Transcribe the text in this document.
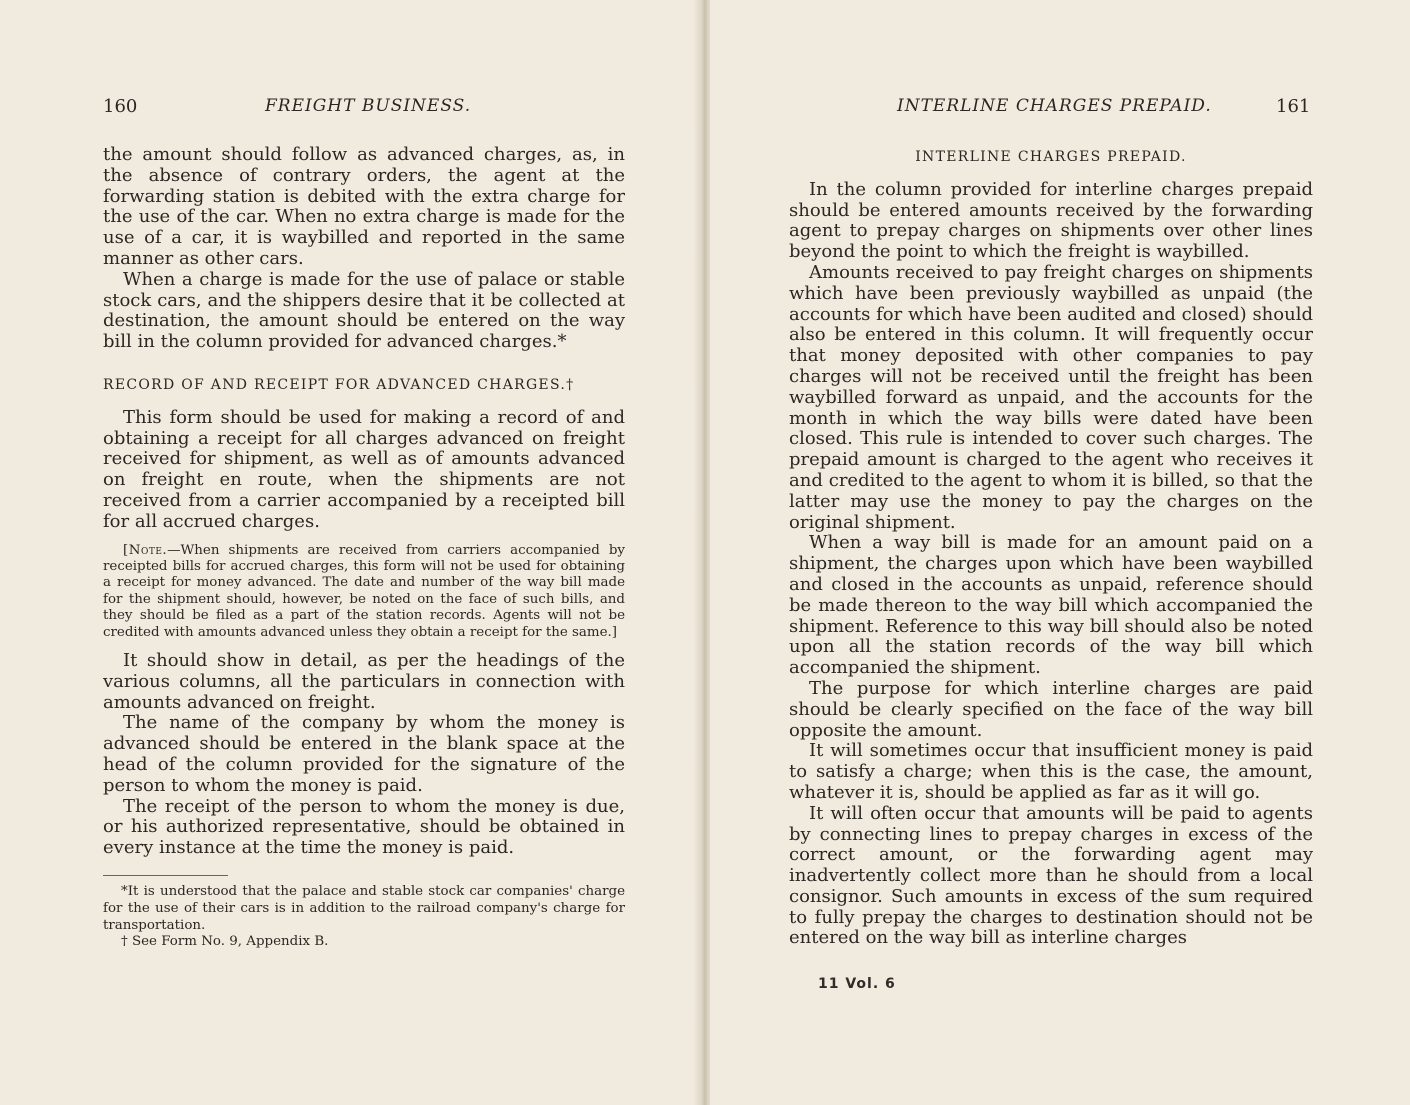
160	FREIGHT BUSINESS.

the amount should follow as advanced charges, as, in the absence of contrary orders, the agent at the forwarding station is debited with the extra charge for the use of the car. When no extra charge is made for the use of a car, it is waybilled and reported in the same manner as other cars.

When a charge is made for the use of palace or stable stock cars, and the shippers desire that it be collected at destination, the amount should be entered on the way bill in the column provided for advanced charges.*

RECORD OF AND RECEIPT FOR ADVANCED CHARGES.†

This form should be used for making a record of and obtaining a receipt for all charges advanced on freight received for shipment, as well as of amounts advanced on freight en route, when the shipments are not received from a carrier accompanied by a receipted bill for all accrued charges.

[Note.—When shipments are received from carriers accompanied by receipted bills for accrued charges, this form will not be used for obtaining a receipt for money advanced. The date and number of the way bill made for the shipment should, however, be noted on the face of such bills, and they should be filed as a part of the station records. Agents will not be credited with amounts advanced unless they obtain a receipt for the same.]

It should show in detail, as per the headings of the various columns, all the particulars in connection with amounts advanced on freight.

The name of the company by whom the money is advanced should be entered in the blank space at the head of the column provided for the signature of the person to whom the money is paid.

The receipt of the person to whom the money is due, or his authorized representative, should be obtained in every instance at the time the money is paid.

*It is understood that the palace and stable stock car companies' charge for the use of their cars is in addition to the railroad company's charge for transportation.

† See Form No. 9, Appendix B.

INTERLINE CHARGES PREPAID.	161

INTERLINE CHARGES PREPAID.

In the column provided for interline charges prepaid should be entered amounts received by the forwarding agent to prepay charges on shipments over other lines beyond the point to which the freight is waybilled.

Amounts received to pay freight charges on shipments which have been previously waybilled as unpaid (the accounts for which have been audited and closed) should also be entered in this column. It will frequently occur that money deposited with other companies to pay charges will not be received until the freight has been waybilled forward as unpaid, and the accounts for the month in which the way bills were dated have been closed. This rule is intended to cover such charges. The prepaid amount is charged to the agent who receives it and credited to the agent to whom it is billed, so that the latter may use the money to pay the charges on the original shipment.

When a way bill is made for an amount paid on a shipment, the charges upon which have been waybilled and closed in the accounts as unpaid, reference should be made thereon to the way bill which accompanied the shipment. Reference to this way bill should also be noted upon all the station records of the way bill which accompanied the shipment.

The purpose for which interline charges are paid should be clearly specified on the face of the way bill opposite the amount.

It will sometimes occur that insufficient money is paid to satisfy a charge; when this is the case, the amount, whatever it is, should be applied as far as it will go.

It will often occur that amounts will be paid to agents by connecting lines to prepay charges in excess of the correct amount, or the forwarding agent may inadvertently collect more than he should from a local consignor. Such amounts in excess of the sum required to fully prepay the charges to destination should not be entered on the way bill as interline charges

11 Vol. 6
